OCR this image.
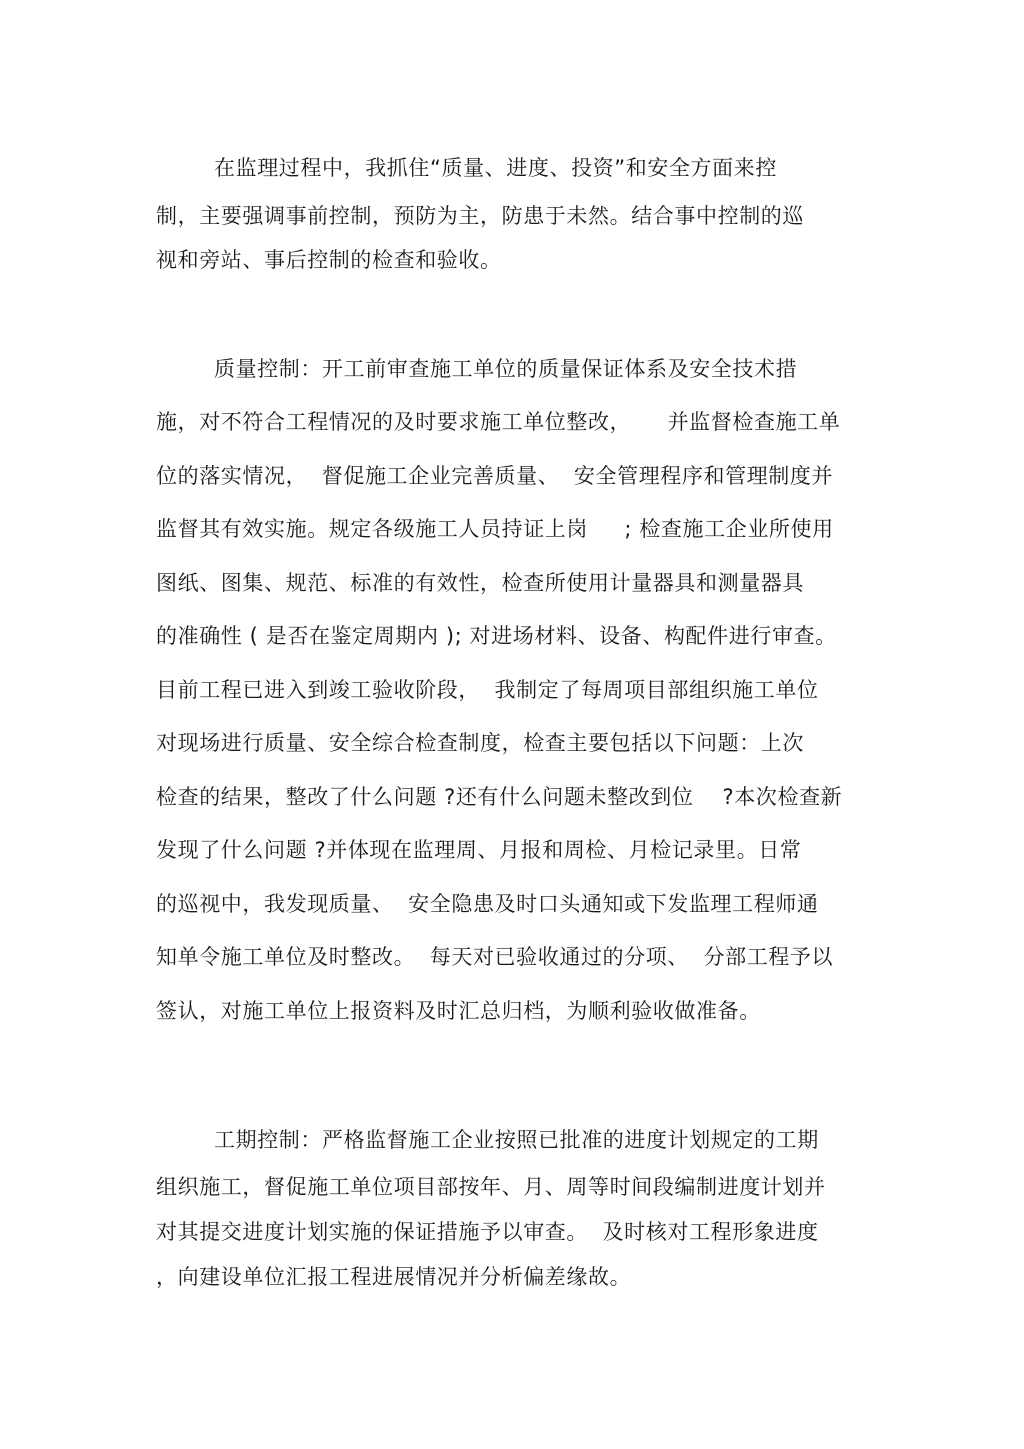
在监理过程中，我抓住“质量、进度、投资”和安全方面来控
制，主要强调事前控制，预防为主，防患于未然。结合事中控制的巡
视和旁站、事后控制的检查和验收。
质量控制：开工前审查施工单位的质量保证体系及安全技术措
施，对不符合工程情况的及时要求施工单位整改，     并监督检查施工单
位的落实情况，  督促施工企业完善质量、  安全管理程序和管理制度并
监督其有效实施。规定各级施工人员持证上岗     ; 检查施工企业所使用
图纸、图集、规范、标准的有效性，检查所使用计量器具和测量器具
的准确性 ( 是否在鉴定周期内 ); 对进场材料、设备、构配件进行审查。
目前工程已进入到竣工验收阶段，  我制定了每周项目部组织施工单位
对现场进行质量、安全综合检查制度，检查主要包括以下问题：上次
检查的结果，整改了什么问题 ?还有什么问题未整改到位    ?本次检查新
发现了什么问题 ?并体现在监理周、月报和周检、月检记录里。日常
的巡视中，我发现质量、  安全隐患及时口头通知或下发监理工程师通
知单令施工单位及时整改。  每天对已验收通过的分项、  分部工程予以
签认，对施工单位上报资料及时汇总归档，为顺利验收做准备。
工期控制：严格监督施工企业按照已批准的进度计划规定的工期
组织施工，督促施工单位项目部按年、月、周等时间段编制进度计划并
对其提交进度计划实施的保证措施予以审查。  及时核对工程形象进度
，向建设单位汇报工程进展情况并分析偏差缘故。
